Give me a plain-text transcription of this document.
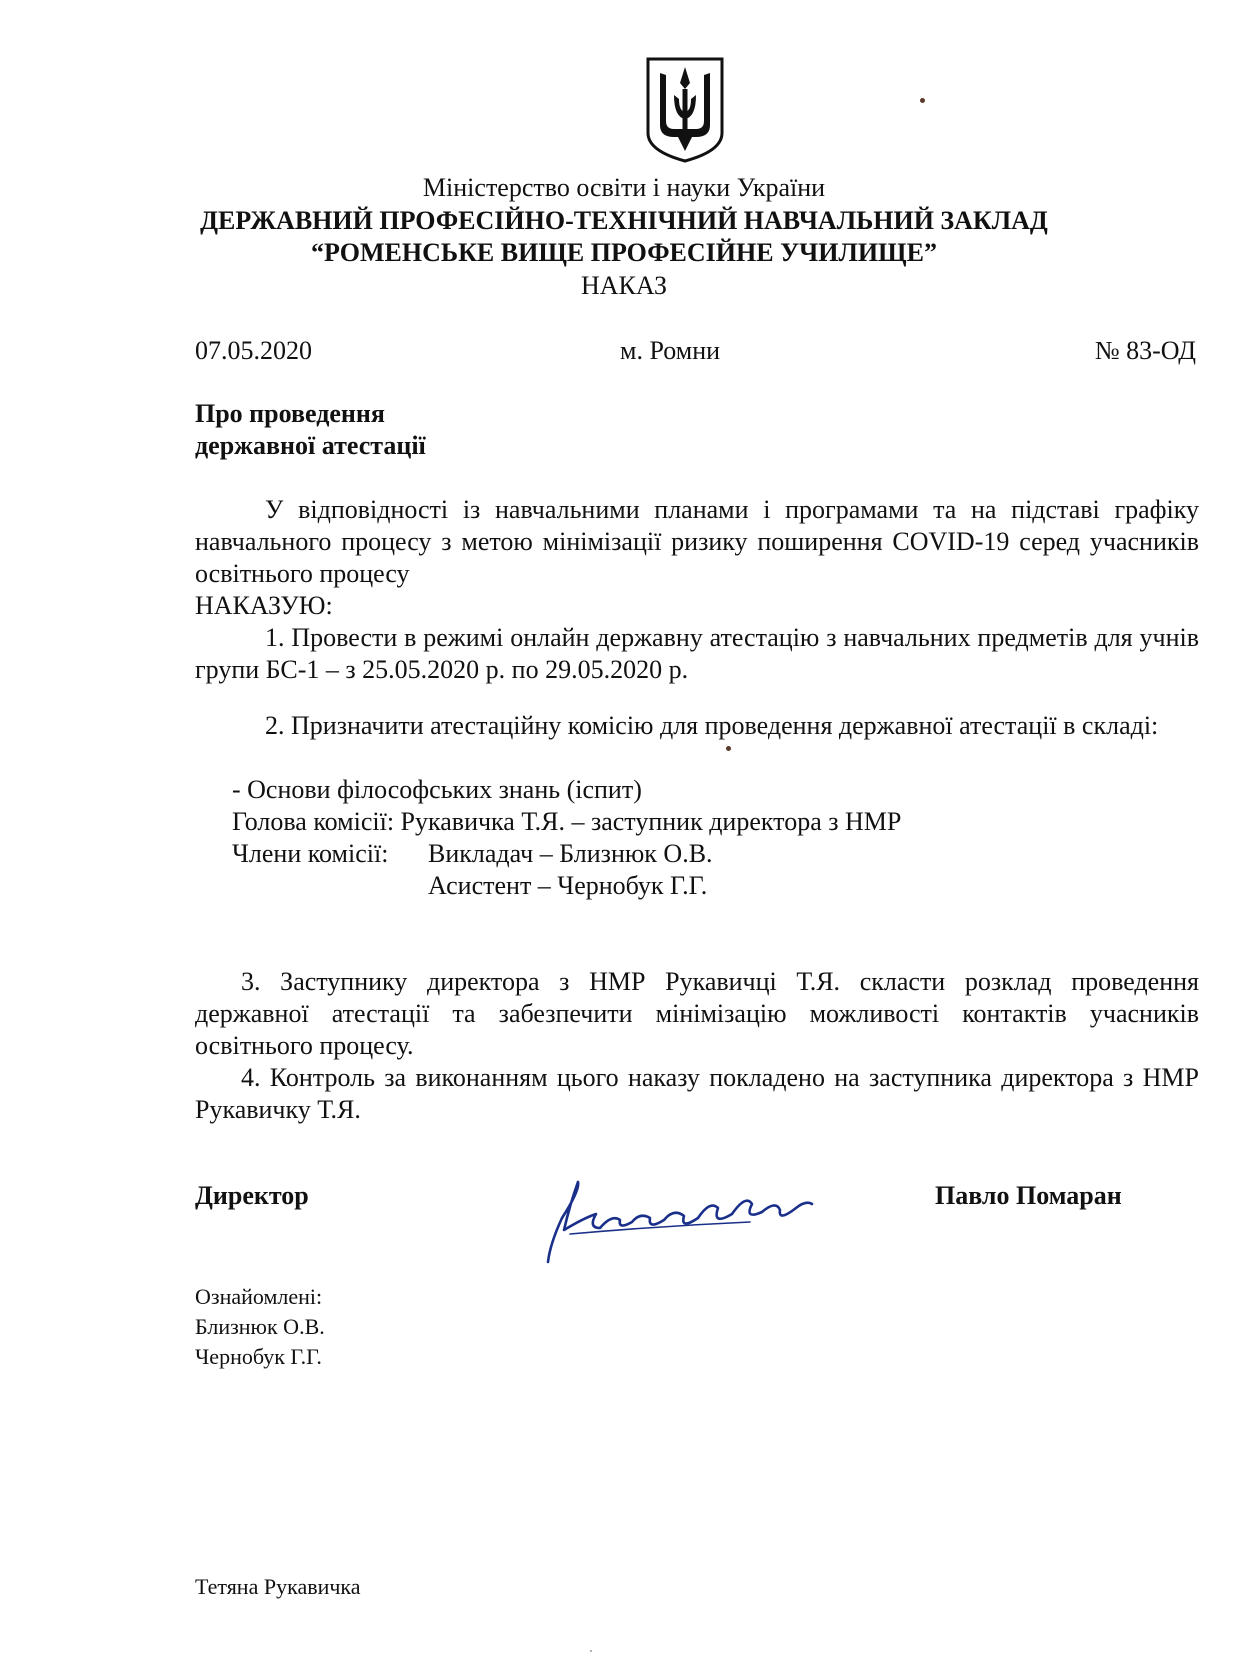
Міністерство освіти і науки України
ДЕРЖАВНИЙ ПРОФЕСІЙНО-ТЕХНІЧНИЙ НАВЧАЛЬНИЙ ЗАКЛАД
“РОМЕНСЬКЕ ВИЩЕ ПРОФЕСІЙНЕ УЧИЛИЩЕ”
НАКАЗ
07.05.2020	м. Ромни	№ 83-ОД
Про проведення
державної атестації
У відповідності із навчальними планами і програмами та на підставі графіку навчального процесу з метою мінімізації ризику поширення COVID-19 серед учасників освітнього процесу
НАКАЗУЮ:
1. Провести в режимі онлайн державну атестацію з навчальних предметів для учнів групи БС-1 – з 25.05.2020 р. по 29.05.2020 р.
2. Призначити атестаційну комісію для проведення державної атестації в складі:
- Основи філософських знань (іспит)
Голова комісії: Рукавичка Т.Я. – заступник директора з НМР
Члени комісії: Викладач – Близнюк О.В.
Асистент – Чернобук Г.Г.
3. Заступнику директора з НМР Рукавичці Т.Я. скласти розклад проведення державної атестації та забезпечити мінімізацію можливості контактів учасників освітнього процесу.
4. Контроль за виконанням цього наказу покладено на заступника директора з НМР Рукавичку Т.Я.
Директор	Павло Помаран
Ознайомлені:
Близнюк О.В.
Чернобук Г.Г.
Тетяна Рукавичка
